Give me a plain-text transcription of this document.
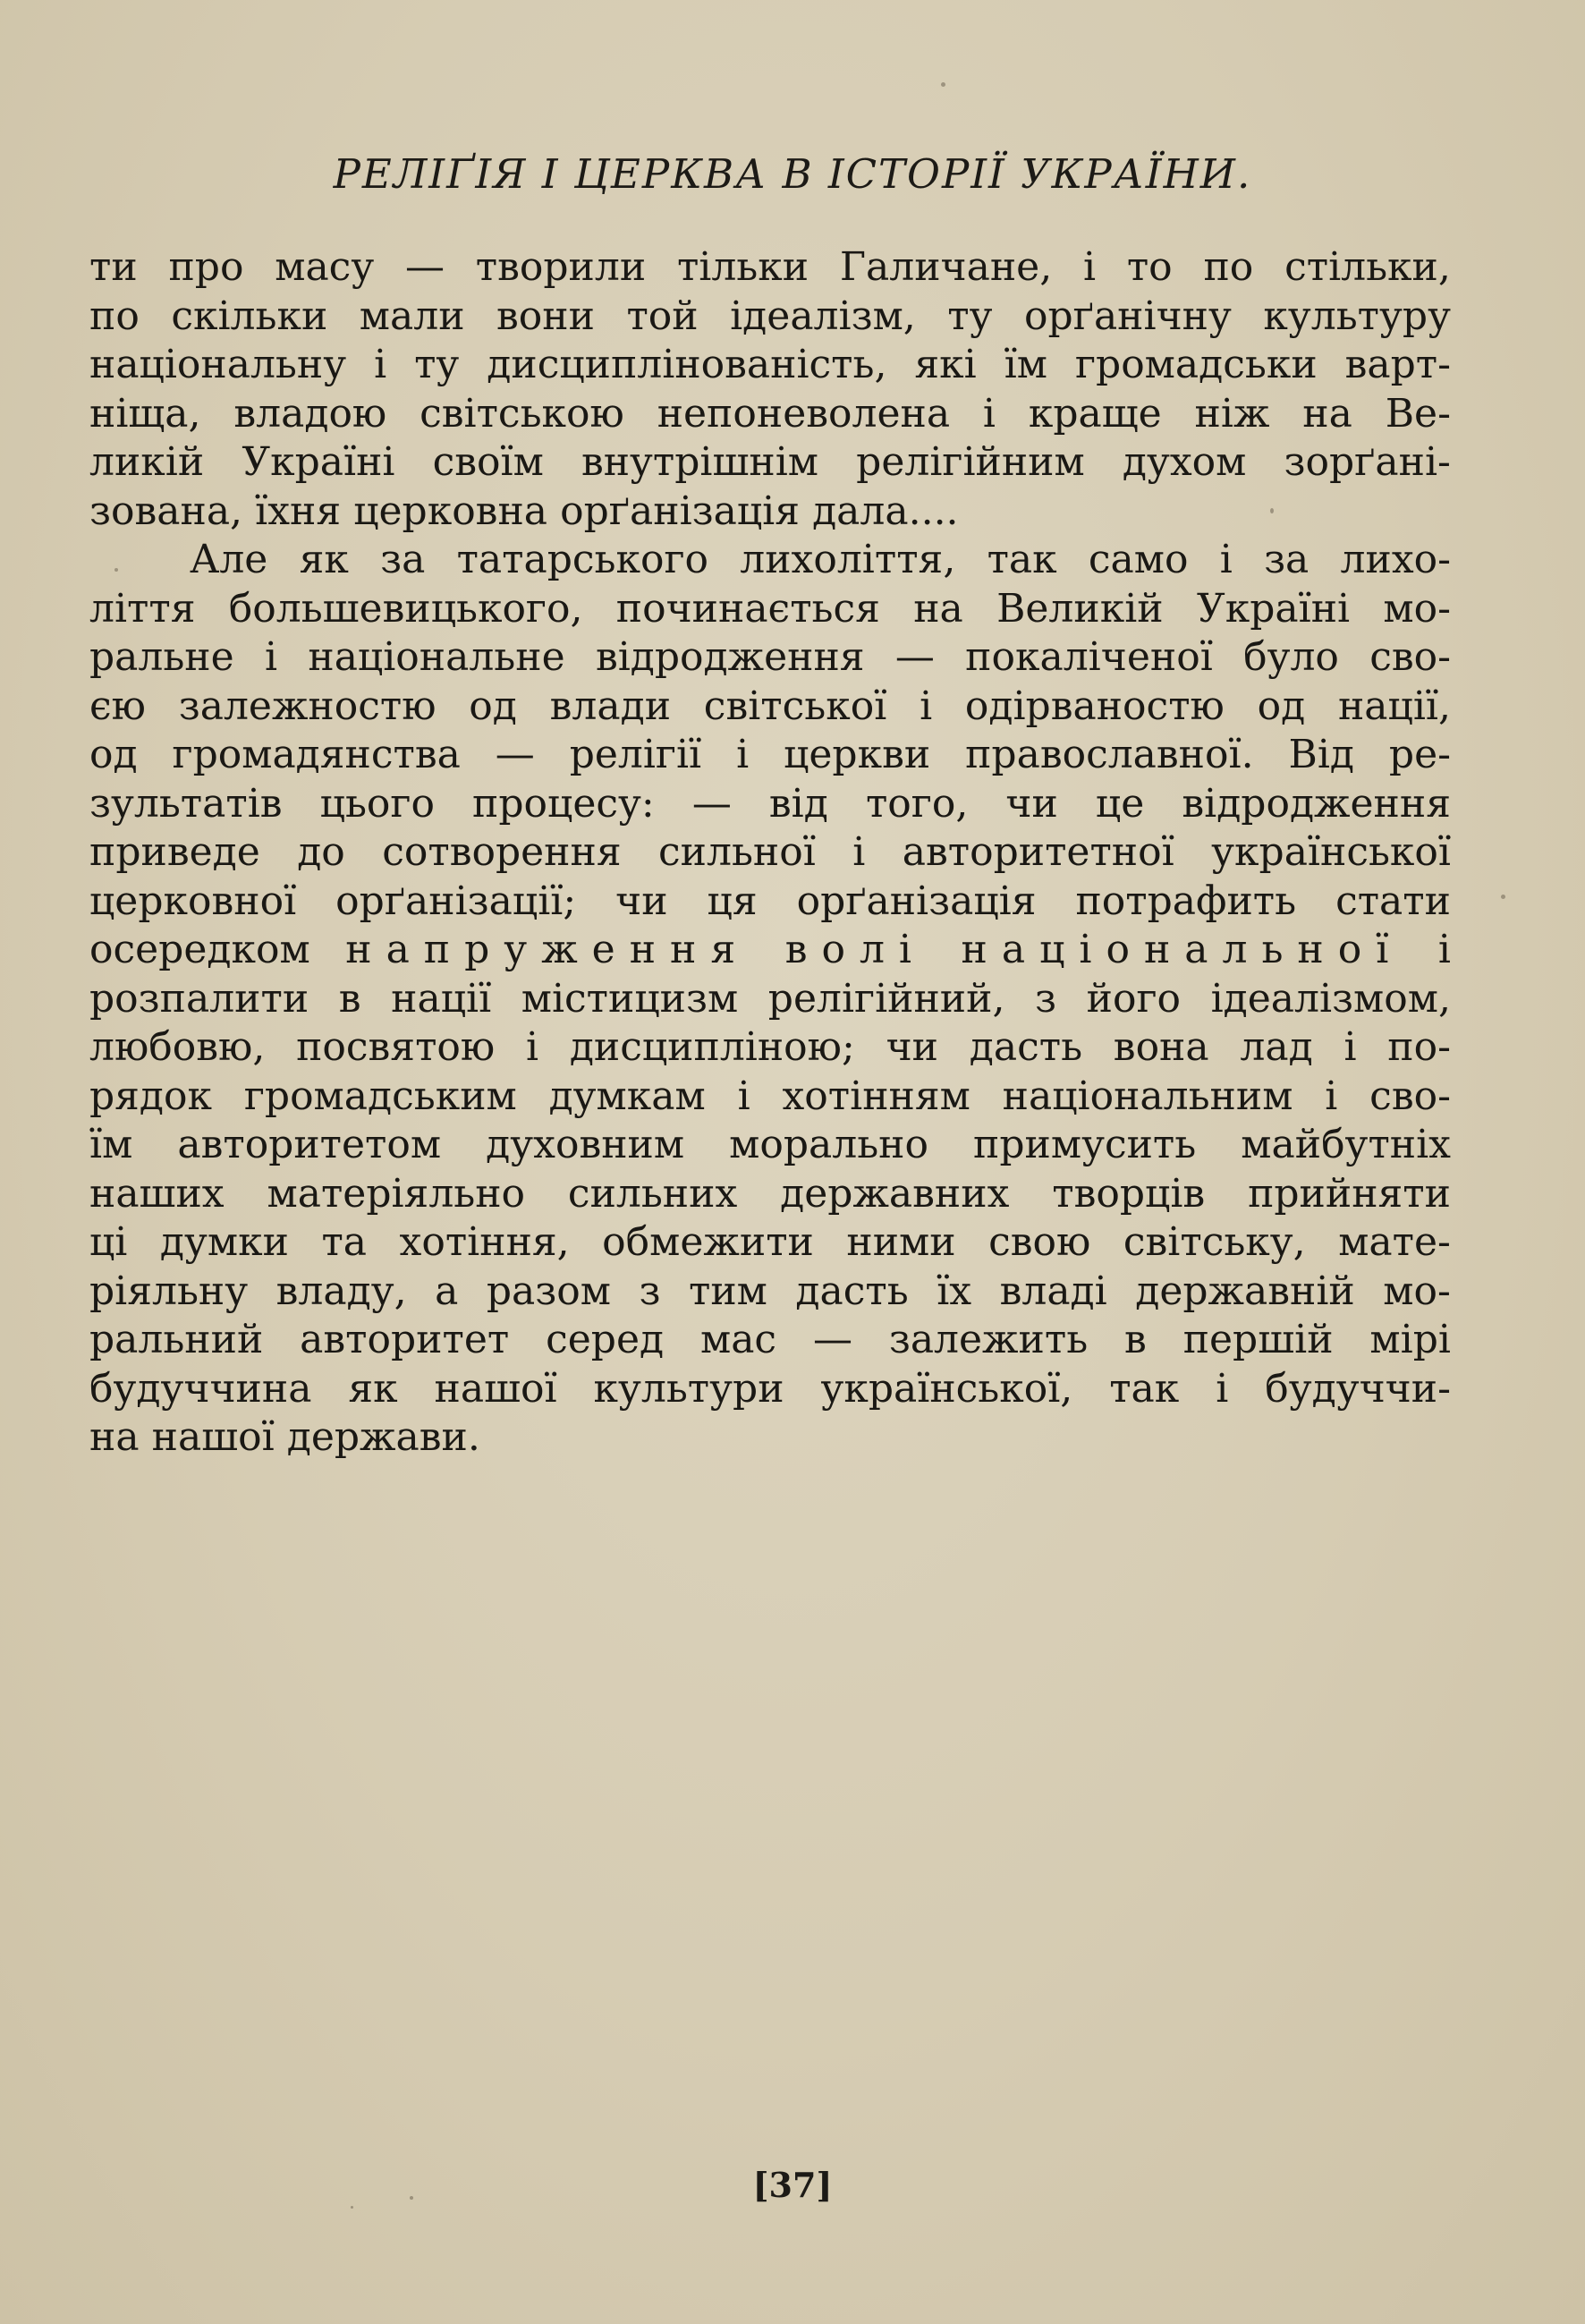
РЕЛІҐІЯ І ЦЕРКВА В ІСТОРІЇ УКРАЇНИ.
ти про масу — творили тільки Галичане, і то по стільки,
по скільки мали вони той ідеалізм, ту орґанічну культуру
національну і ту дисциплінованість, які їм громадськи варт-
ніща, владою світською непоневолена і краще ніж на Ве-
ликій Україні своїм внутрішнім релігійним духом зорґані-
зована, їхня церковна орґанізація дала....
Але як за татарського лихоліття, так само і за лихо-
ліття большевицького, починається на Великій Україні мо-
ральне і національне відродження — покаліченої було сво-
єю залежностю од влади світської і одірваностю од нації,
од громадянства — релігії і церкви православної. Від ре-
зультатів цього процесу: — від того, чи це відродження
приведе до сотворення сильної і авторитетної української
церковної орґанізації; чи ця орґанізація потрафить стати
осередком напруження волі національної і
розпалити в нації містицизм релігійний, з його ідеалізмом,
любовю, посвятою і дисципліною; чи дасть вона лад і по-
рядок громадським думкам і хотінням національним і сво-
їм авторитетом духовним морально примусить майбутніх
наших матеріяльно сильних державних творців прийняти
ці думки та хотіння, обмежити ними свою світську, мате-
ріяльну владу, а разом з тим дасть їх владі державній мо-
ральний авторитет серед мас — залежить в першій мірі
будуччина як нашої культури української, так і будуччи-
на нашої держави.
[37]
